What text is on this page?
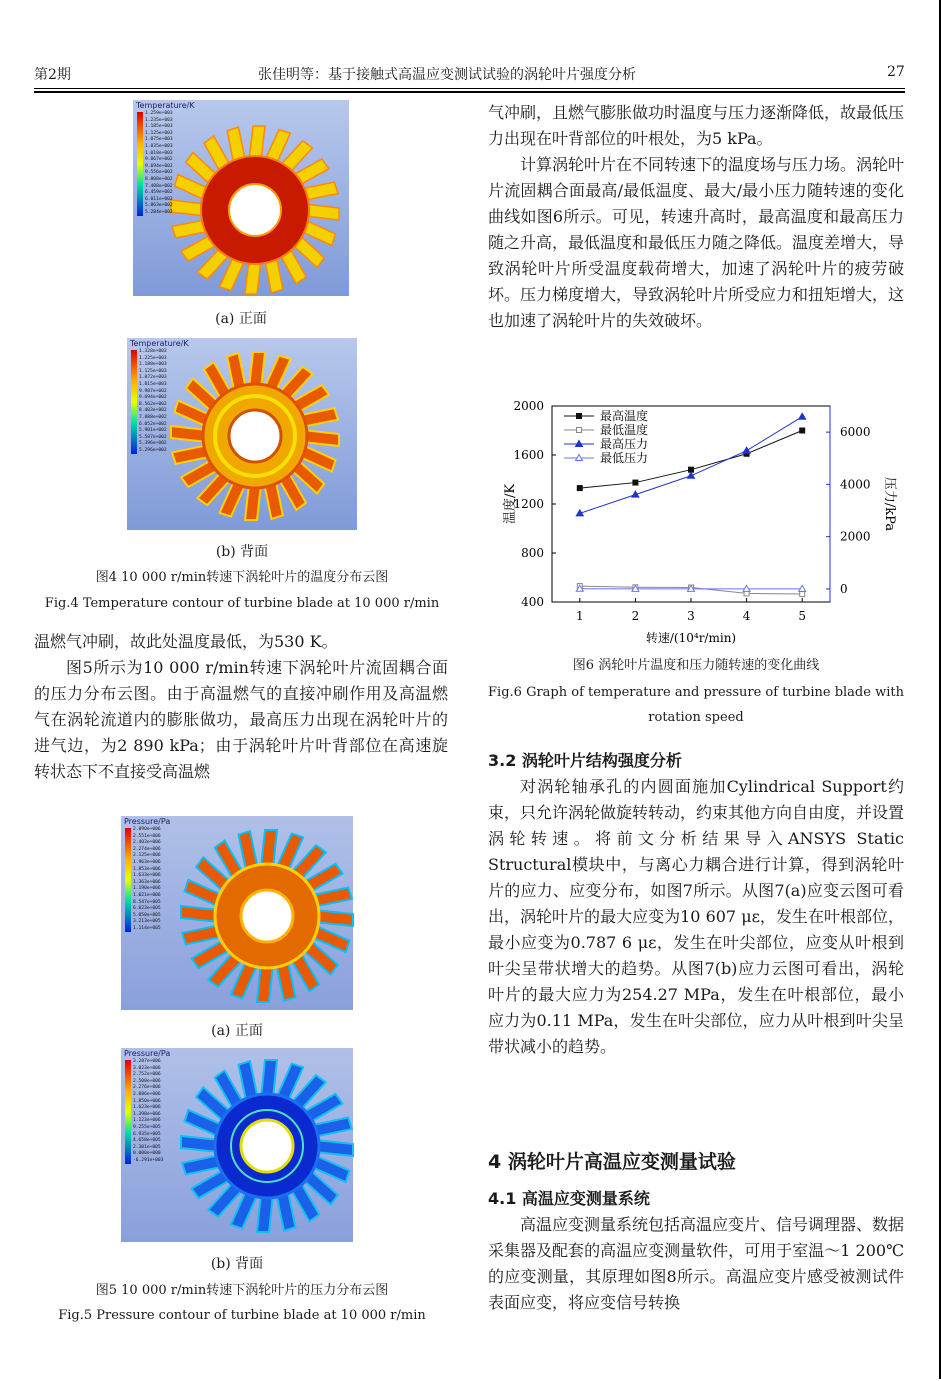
第2期	张佳明等：基于接触式高温应变测试试验的涡轮叶片强度分析	27
Temperature/K
1.259e+003
1.235e+003
1.185e+003
1.125e+003
1.075e+003
1.035e+003
1.018e+003
9.867e+002
9.694e+002
9.556e+002
8.808e+002
7.408e+002
6.459e+002
6.011e+002
5.863e+002
5.284e+002
(a) 正面
Temperature/K
1.328e+003
1.225e+003
1.188e+003
1.125e+003
1.072e+003
1.015e+003
9.987e+002
9.694e+002
8.562e+002
8.403e+002
7.888e+002
6.052e+002
5.901e+002
5.587e+002
5.396e+002
5.296e+002
(b) 背面
图4 10 000 r/min转速下涡轮叶片的温度分布云图
Fig.4 Temperature contour of turbine blade at 10 000 r/min

温燃气冲刷，故此处温度最低，为530 K。

图5所示为10 000 r/min转速下涡轮叶片流固耦合面的压力分布云图。由于高温燃气的直接冲刷作用及高温燃气在涡轮流道内的膨胀做功，最高压力出现在涡轮叶片的进气边，为2 890 kPa；由于涡轮叶片叶背部位在高速旋转状态下不直接受高温燃

Pressure/Pa
2.890e+006
2.551e+006
2.403e+006
2.274e+006
2.125e+006
1.963e+006
1.853e+006
1.633e+006
1.363e+006
1.190e+006
1.021e+006
8.547e+005
6.823e+005
5.050e+005
3.213e+005
1.114e+005
(a) 正面
Pressure/Pa
3.287e+006
3.023e+006
2.752e+006
2.508e+006
2.276e+006
2.086e+006
1.850e+006
1.623e+006
1.398e+006
1.123e+006
9.255e+005
6.935e+005
4.658e+005
2.301e+005
0.000e+000
-6.291e+003
(b) 背面
图5 10 000 r/min转速下涡轮叶片的压力分布云图
Fig.5 Pressure contour of turbine blade at 10 000 r/min

气冲刷，且燃气膨胀做功时温度与压力逐渐降低，故最低压力出现在叶背部位的叶根处，为5 kPa。

计算涡轮叶片在不同转速下的温度场与压力场。涡轮叶片流固耦合面最高/最低温度、最大/最小压力随转速的变化曲线如图6所示。可见，转速升高时，最高温度和最高压力随之升高，最低温度和最低压力随之降低。温度差增大，导致涡轮叶片所受温度载荷增大，加速了涡轮叶片的疲劳破坏。压力梯度增大，导致涡轮叶片所受应力和扭矩增大，这也加速了涡轮叶片的失效破坏。

1	2	3	4	5
400
800
1200
1600
2000
0
2000
4000
6000
转速/(10⁴r/min)
温度/K	压力/kPa
最高温度
最低温度
最高压力
最低压力
图6 涡轮叶片温度和压力随转速的变化曲线
Fig.6 Graph of temperature and pressure of turbine blade with
rotation speed

3.2 涡轮叶片结构强度分析

对涡轮轴承孔的内圆面施加Cylindrical Support约束，只允许涡轮做旋转转动，约束其他方向自由度，并设置涡轮转速。将前文分析结果导入ANSYS Static Structural模块中，与离心力耦合进行计算，得到涡轮叶片的应力、应变分布，如图7所示。从图7(a)应变云图可看出，涡轮叶片的最大应变为10 607 με，发生在叶根部位，最小应变为0.787 6 με，发生在叶尖部位，应变从叶根到叶尖呈带状增大的趋势。从图7(b)应力云图可看出，涡轮叶片的最大应力为254.27 MPa，发生在叶根部位，最小应力为0.11 MPa，发生在叶尖部位，应力从叶根到叶尖呈带状减小的趋势。

4 涡轮叶片高温应变测量试验

4.1 高温应变测量系统

高温应变测量系统包括高温应变片、信号调理器、数据采集器及配套的高温应变测量软件，可用于室温～1 200℃的应变测量，其原理如图8所示。高温应变片感受被测试件表面应变，将应变信号转换
